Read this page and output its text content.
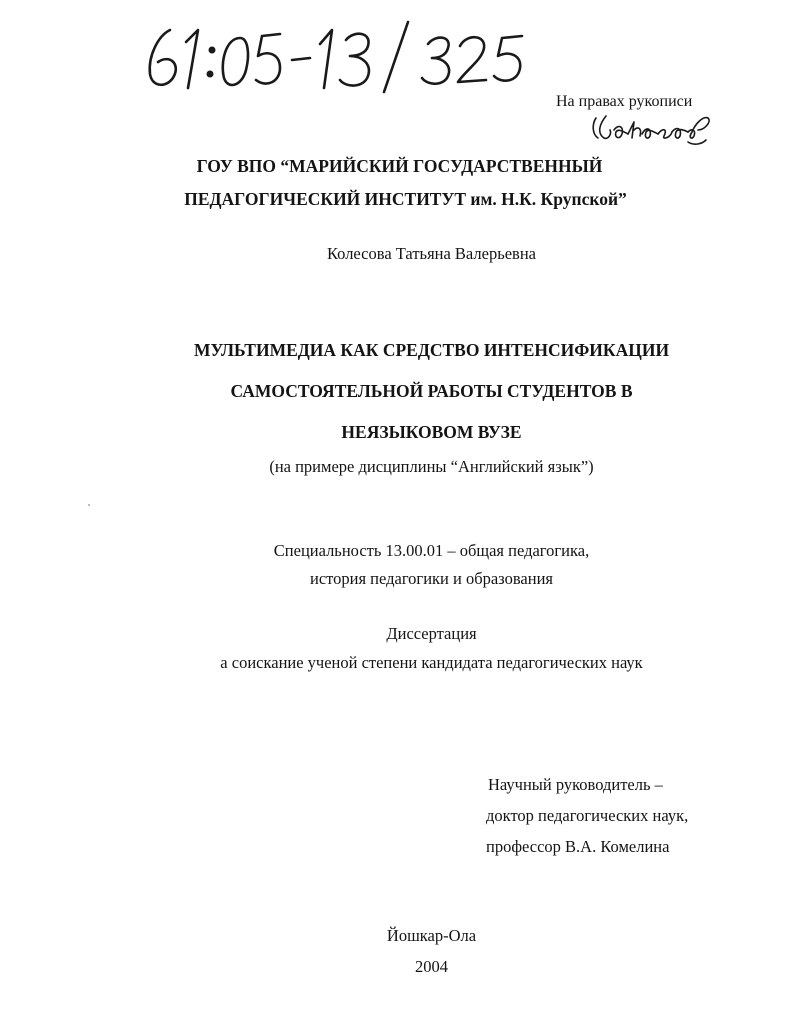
На правах рукописи
ГОУ ВПО “МАРИЙСКИЙ ГОСУДАРСТВЕННЫЙ
ПЕДАГОГИЧЕСКИЙ ИНСТИТУТ им. Н.К. Крупской”
Колесова Татьяна Валерьевна
МУЛЬТИМЕДИА КАК СРЕДСТВО ИНТЕНСИФИКАЦИИ
САМОСТОЯТЕЛЬНОЙ РАБОТЫ СТУДЕНТОВ В
НЕЯЗЫКОВОМ ВУЗЕ
(на примере дисциплины “Английский язык”)
Специальность 13.00.01 – общая педагогика,
история педагогики и образования
Диссертация
а соискание ученой степени кандидата педагогических наук
Научный руководитель –
доктор педагогических наук,
профессор В.А. Комелина
Йошкар-Ола
2004
